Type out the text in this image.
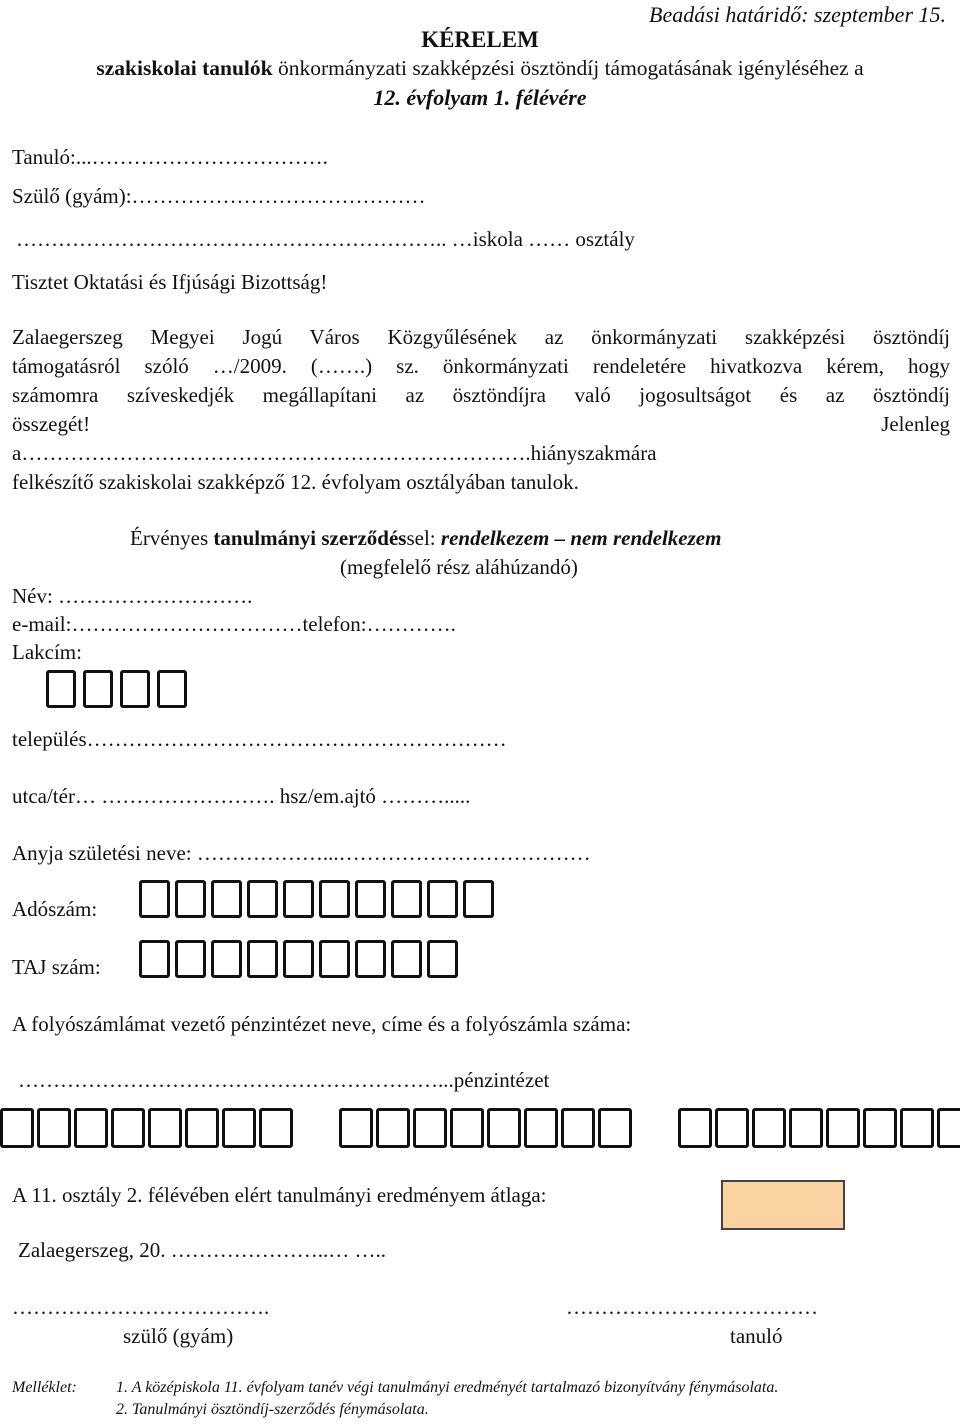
Beadási határidő: szeptember 15.
KÉRELEM
szakiskolai tanulók önkormányzati szakképzési ösztöndíj támogatásának igényléséhez a
12. évfolyam 1. félévére
Tanuló:...…………………………….
Szülő (gyám):……………………………………
…………………………………………………….. …iskola …… osztály
Tisztet Oktatási és Ifjúsági Bizottság!
Zalaegerszeg Megyei Jogú Város Közgyűlésének az önkormányzati szakképzési ösztöndíj
támogatásról szóló …/2009. (…….) sz. önkormányzati rendeletére hivatkozva kérem, hogy
számomra szíveskedjék megállapítani az ösztöndíjra való jogosultságot és az ösztöndíj
összegét!	Jelenleg
a……………………………………………………………….hiányszakmára
felkészítő szakiskolai szakképző 12. évfolyam osztályában tanulok.
Érvényes tanulmányi szerződéssel: rendelkezem – nem rendelkezem
(megfelelő rész aláhúzandó)
Név: ……………………….
e-mail:……………………………telefon:………….
Lakcím:
település……………………………………………………
utca/tér… ……………………. hsz/em.ajtó ……….....
Anyja születési neve: ………………...………………………………
Adószám:
TAJ szám:
A folyószámlámat vezető pénzintézet neve, címe és a folyószámla száma:
……………………………………………………...pénzintézet
A 11. osztály 2. félévében elért tanulmányi eredményem átlaga:
Zalaegerszeg, 20. …………………..… …..
……………………………….	………………………………
szülő (gyám)	tanuló
Melléklet: 1. A középiskola 11. évfolyam tanév végi tanulmányi eredményét tartalmazó bizonyítvány fénymásolata.
2. Tanulmányi ösztöndíj-szerződés fénymásolata.
